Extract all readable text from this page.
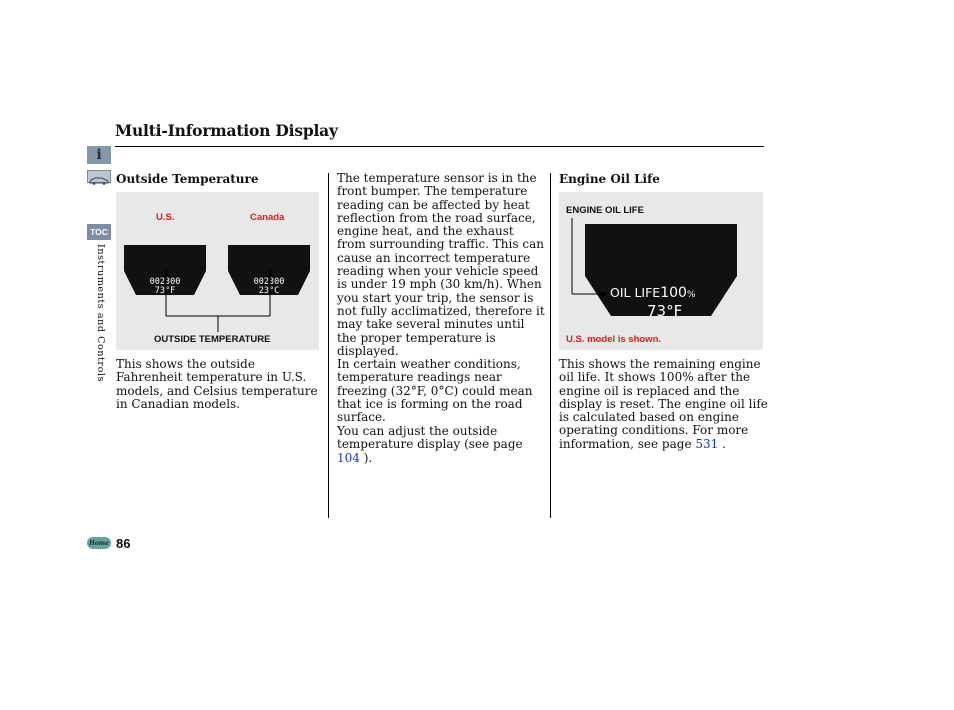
Multi-Information Display
i
TOC
Instruments and Controls
Outside Temperature
U.S.	Canada
002300
73°F
002300
23°C
OUTSIDE TEMPERATURE
This shows the outside Fahrenheit temperature in U.S. models, and Celsius temperature in Canadian models.
The temperature sensor is in the front bumper. The temperature reading can be affected by heat reflection from the road surface, engine heat, and the exhaust from surrounding traffic. This can cause an incorrect temperature reading when your vehicle speed is under 19 mph (30 km/h). When you start your trip, the sensor is not fully acclimatized, therefore it may take several minutes until the proper temperature is displayed.
In certain weather conditions, temperature readings near freezing (32°F, 0°C) could mean that ice is forming on the road surface.
You can adjust the outside temperature display (see page 104 ).
Engine Oil Life
ENGINE OIL LIFE
OIL LIFE100%
73°F
U.S. model is shown.
This shows the remaining engine oil life. It shows 100% after the engine oil is replaced and the display is reset. The engine oil life is calculated based on engine operating conditions. For more information, see page 531 .
Home 86
